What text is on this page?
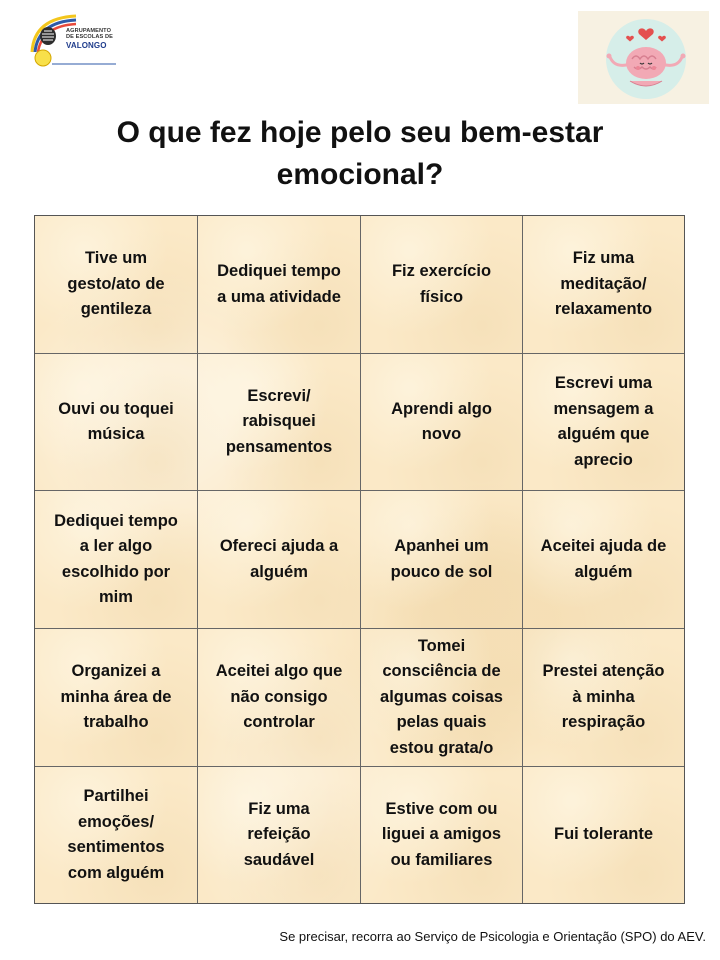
AGRUPAMENTO
DE ESCOLAS DE
VALONGO
O que fez hoje pelo seu bem-estar
emocional?
Tive um
gesto/ato de
gentileza
Dediquei tempo
a uma atividade
Fiz exercício
físico
Fiz uma
meditação/
relaxamento
Ouvi ou toquei
música
Escrevi/
rabisquei
pensamentos
Aprendi algo
novo
Escrevi uma
mensagem a
alguém que
aprecio
Dediquei tempo
a ler algo
escolhido por
mim
Ofereci ajuda a
alguém
Apanhei um
pouco de sol
Aceitei ajuda de
alguém
Organizei a
minha área de
trabalho
Aceitei algo que
não consigo
controlar
Tomei
consciência de
algumas coisas
pelas quais
estou grata/o
Prestei atenção
à minha
respiração
Partilhei
emoções/
sentimentos
com alguém
Fiz uma
refeição
saudável
Estive com ou
liguei a amigos
ou familiares
Fui tolerante
Se precisar, recorra ao Serviço de Psicologia e Orientação (SPO) do AEV.
